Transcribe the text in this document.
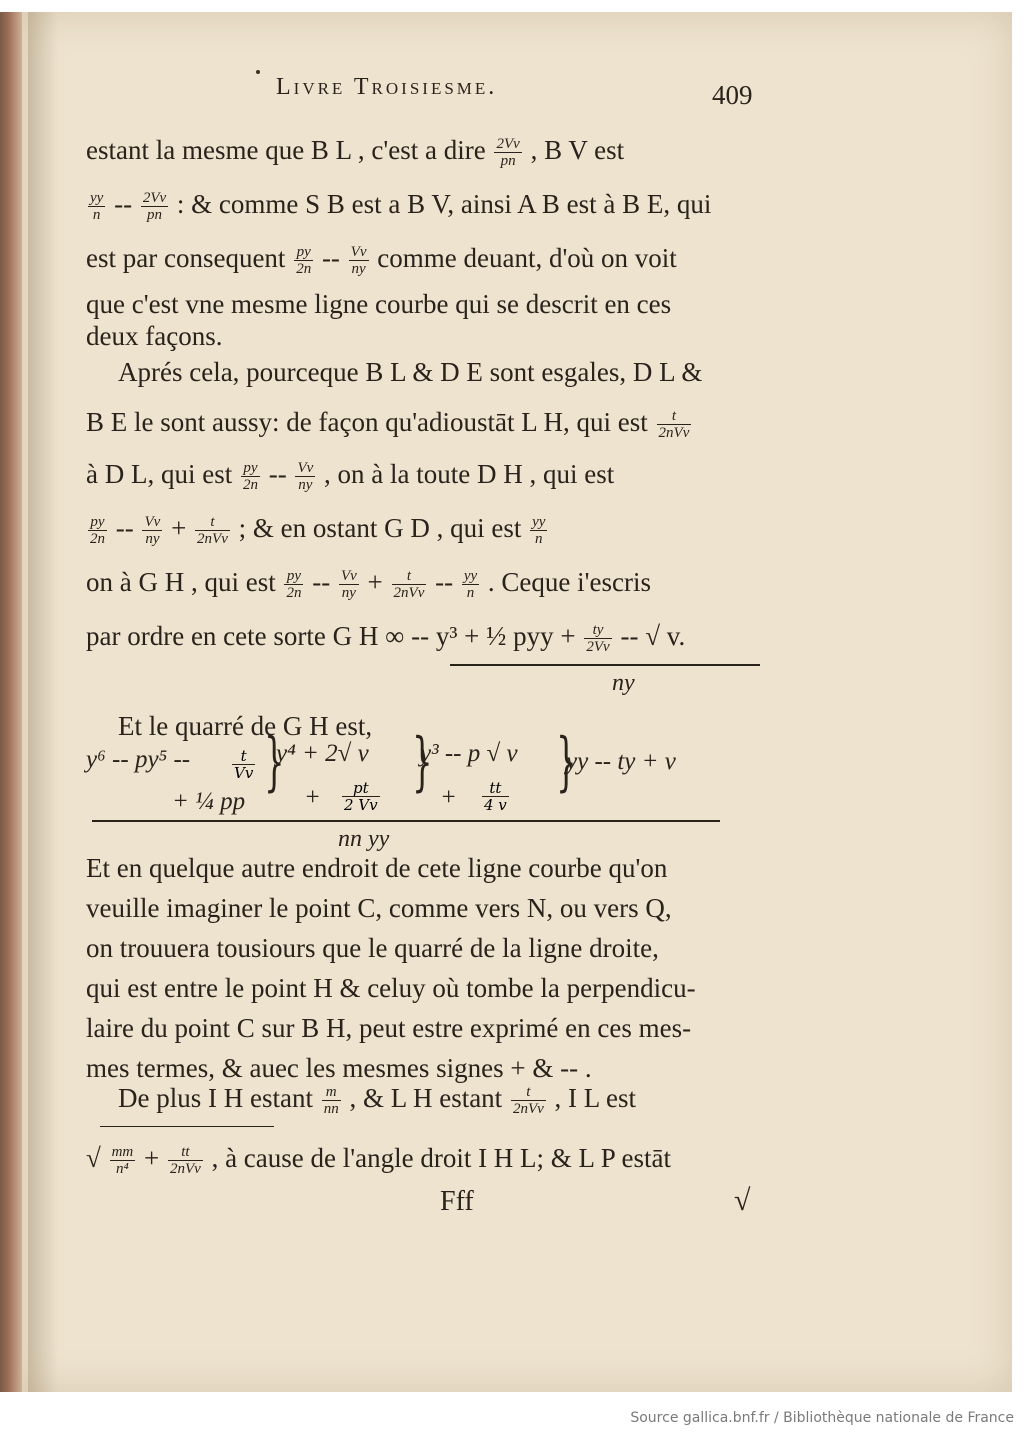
Livre Troisiesme.	409
estant la mesme que B L , c'est a dire $\frac{2Vv}{pn}$ , B V est
$\frac{yy}{n} -- \frac{2Vv}{pn}$ : & comme S B est a B V, ainsi A B est à B E, qui
est par consequent $\frac{py}{2n} -- \frac{Vv}{ny}$ comme deuant, d'où on voit
que c'est vne mesme ligne courbe qui se descrit en ces
deux façons.
Aprés cela, pourceque B L & D E sont esgales, D L &
B E le sont aussy: de façon qu'adioustāt L H, qui est $\frac{t}{\text{2nVv}}$
à D L, qui est $\frac{py}{2n} -- \frac{Vv}{ny}$ , on à la toute D H , qui est
$\frac{py}{2n} -- \frac{Vv}{ny} + \frac{t}{\text{2nVv}}$ ; & en ostant G D , qui est $\frac{yy}{n}$
on à G H , qui est $\frac{py}{2n} -- \frac{Vv}{ny} + \frac{t}{\text{2nVv}} -- \frac{yy}{n}$ . Ceque i'escris
par ordre en cete sorte G H ∞ -- y³ + ½ pyy + $\frac{ty}{2Vv}$ -- √ v.
ny
Et le quarré de G H est,
y⁶ -- py⁵ --	$\frac{t}{Vv}$ }
y⁴ + 2√ v }
y³ -- p √ v }
yy -- ty + v
+ ¼ pp + $\frac{pt}{2 Vv} + \frac{tt}{4 v}$
nn yy
Et en quelque autre endroit de cete ligne courbe qu'on
veuille imaginer le point C, comme vers N, ou vers Q,
on trouuera tousiours que le quarré de la ligne droite,
qui est entre le point H & celuy où tombe la perpendicu-
laire du point C sur B H, peut estre exprimé en ces mes-
mes termes, & auec les mesmes signes + & -- .
De plus I H estant $\frac{m}{nn}$ , & L H estant $\frac{t}{\text{2nVv}}$ , I L est
√ $\frac{mm}{\text{n⁴}} + \frac{tt}{\text{2nVv}}$ , à cause de l'angle droit I H L; & L P estāt
Fff	√
Source gallica.bnf.fr / Bibliothèque nationale de France
